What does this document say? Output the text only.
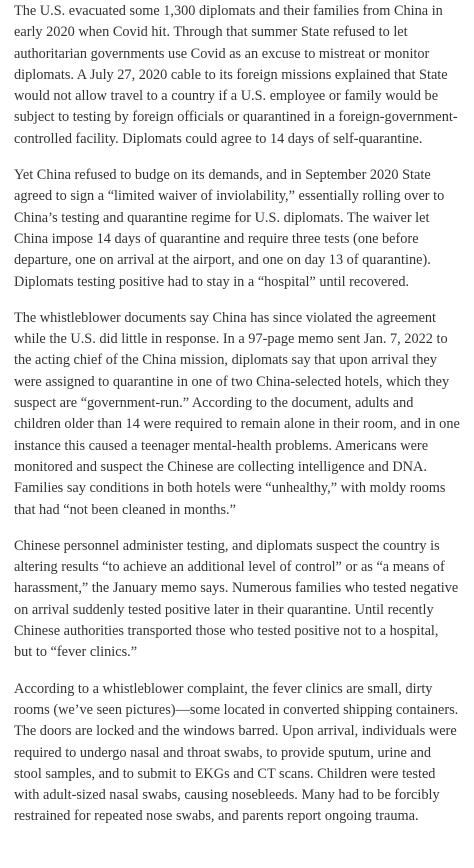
The U.S. evacuated some 1,300 diplomats and their families from China in early 2020 when Covid hit. Through that summer State refused to let authoritarian governments use Covid as an excuse to mistreat or monitor diplomats. A July 27, 2020 cable to its foreign missions explained that State would not allow travel to a country if a U.S. employee or family would be subject to testing by foreign officials or quarantined in a foreign-government-controlled facility. Diplomats could agree to 14 days of self-quarantine.

Yet China refused to budge on its demands, and in September 2020 State agreed to sign a “limited waiver of inviolability,” essentially rolling over to China’s testing and quarantine regime for U.S. diplomats. The waiver let China impose 14 days of quarantine and require three tests (one before departure, one on arrival at the airport, and one on day 13 of quarantine). Diplomats testing positive had to stay in a “hospital” until recovered.

The whistleblower documents say China has since violated the agreement while the U.S. did little in response. In a 97-page memo sent Jan. 7, 2022 to the acting chief of the China mission, diplomats say that upon arrival they were assigned to quarantine in one of two China-selected hotels, which they suspect are “government-run.” According to the document, adults and children older than 14 were required to remain alone in their room, and in one instance this caused a teenager mental-health problems. Americans were monitored and suspect the Chinese are collecting intelligence and DNA. Families say conditions in both hotels were “unhealthy,” with moldy rooms that had “not been cleaned in months.”

Chinese personnel administer testing, and diplomats suspect the country is altering results “to achieve an additional level of control” or as “a means of harassment,” the January memo says. Numerous families who tested negative on arrival suddenly tested positive later in their quarantine. Until recently Chinese authorities transported those who tested positive not to a hospital, but to “fever clinics.”

According to a whistleblower complaint, the fever clinics are small, dirty rooms (we’ve seen pictures)—some located in converted shipping containers. The doors are locked and the windows barred. Upon arrival, individuals were required to undergo nasal and throat swabs, to provide sputum, urine and stool samples, and to submit to EKGs and CT scans. Children were tested with adult-sized nasal swabs, causing nosebleeds. Many had to be forcibly restrained for repeated nose swabs, and parents report ongoing trauma.
